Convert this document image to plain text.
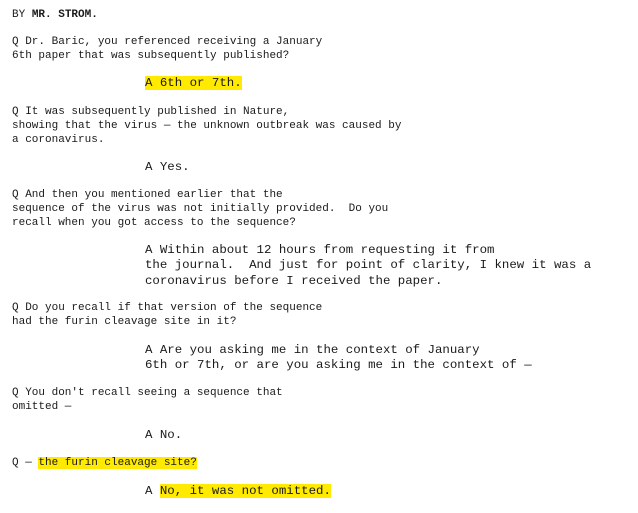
BY MR. STROM.
Q Dr. Baric, you referenced receiving a January
6th paper that was subsequently published?
A 6th or 7th.
Q It was subsequently published in Nature,
showing that the virus — the unknown outbreak was caused by
a coronavirus.
A Yes.
Q And then you mentioned earlier that the
sequence of the virus was not initially provided.  Do you
recall when you got access to the sequence?
A Within about 12 hours from requesting it from
the journal.  And just for point of clarity, I knew it was a
coronavirus before I received the paper.
Q Do you recall if that version of the sequence
had the furin cleavage site in it?
A Are you asking me in the context of January
6th or 7th, or are you asking me in the context of —
Q You don't recall seeing a sequence that
omitted —
A No.
Q — the furin cleavage site?
A No, it was not omitted.
